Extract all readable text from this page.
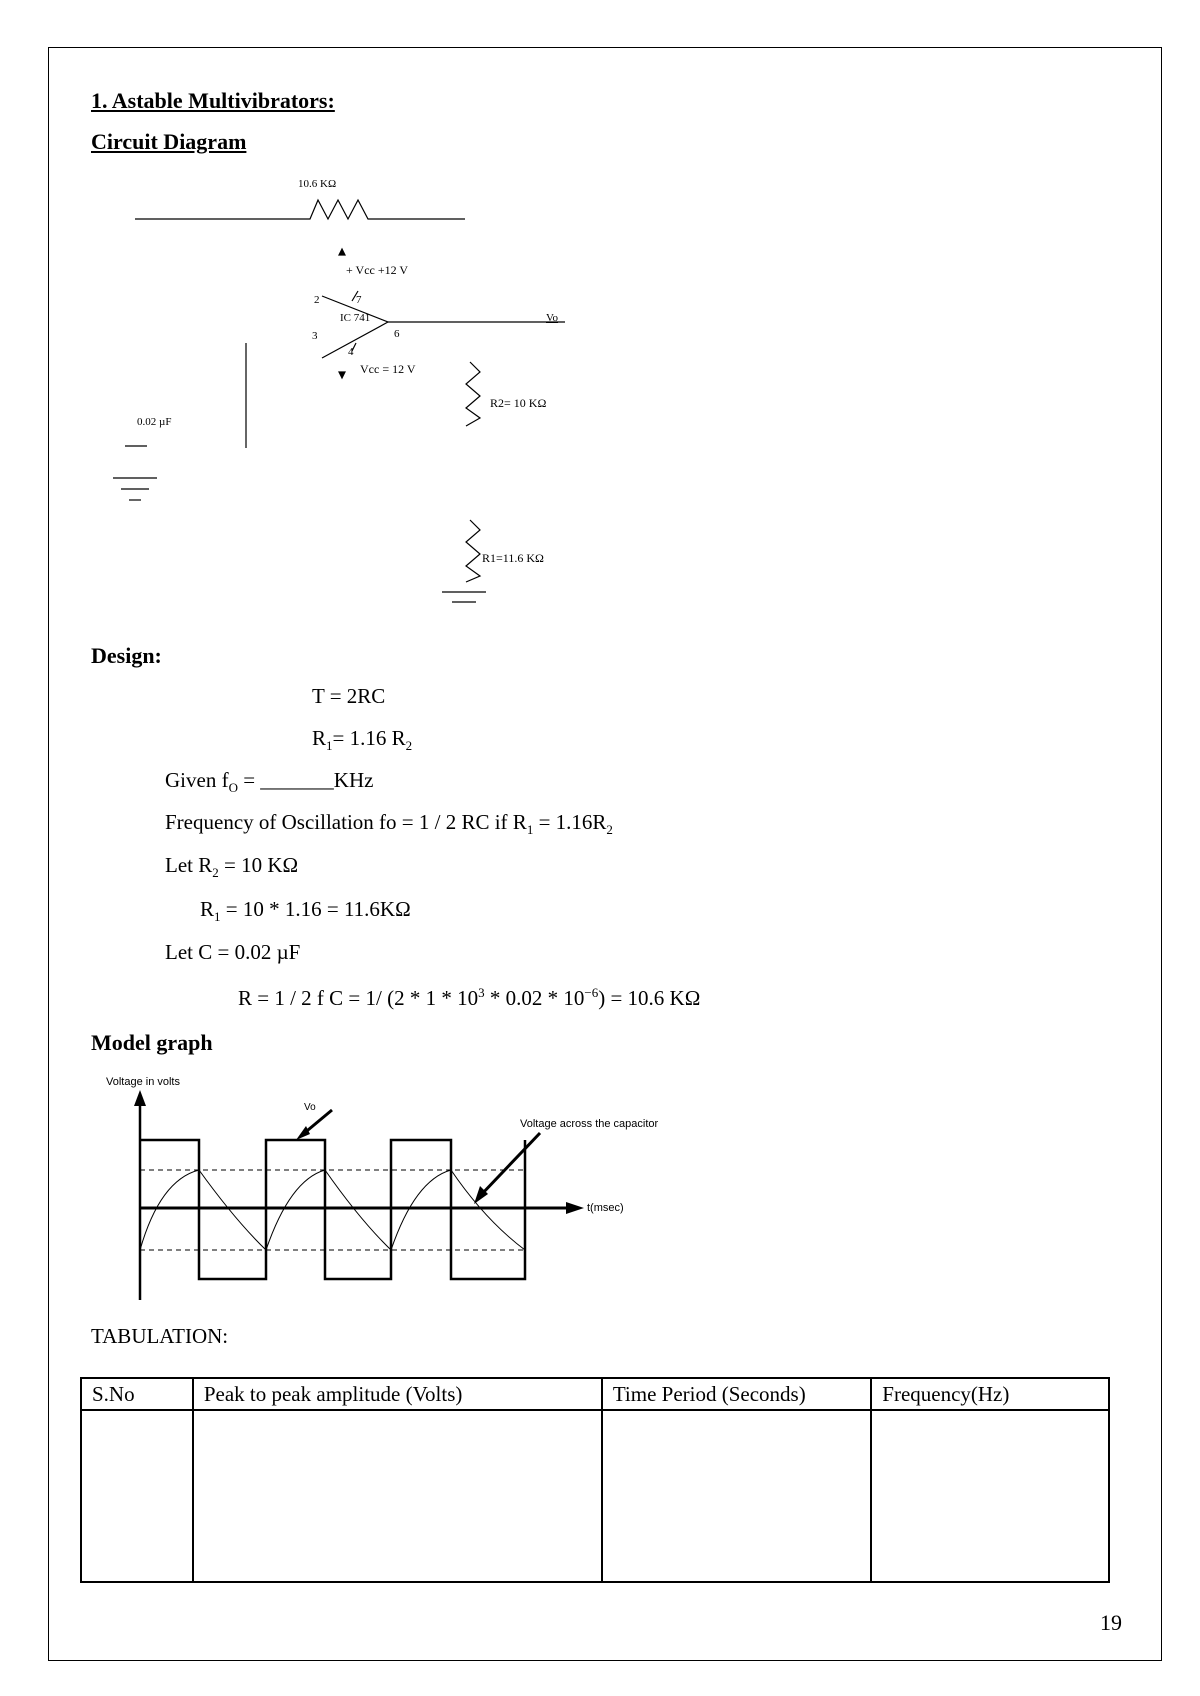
1. Astable Multivibrators:
Circuit Diagram
10.6 KΩ
+ Vcc +12 V
2	7
IC 741
3	6
4
Vcc = 12 V
Vo
R2= 10 KΩ
0.02 µF
R1=11.6 KΩ
Design:
T = 2RC
$R_1= 1.16$ $R_2$
Given $f_O$ = _______KHz
Frequency of Oscillation fo = 1 / 2 RC if $R_1 = 1.16R_2$
Let $R_2 = 10$ KΩ
$R_1 = 10 * 1.16 = 11.6K\Omega$
Let C = 0.02 µF
R = 1 / 2 f C = 1/ $(2 * 1 * 10^3 * 0.02 * 10^{-6}) = 10.6$ KΩ
Model graph
Voltage in volts
Vo
Voltage across the capacitor
t(msec)
TABULATION:
S.No	Peak to peak amplitude (Volts)	Time Period (Seconds)	Frequency(Hz)

19
